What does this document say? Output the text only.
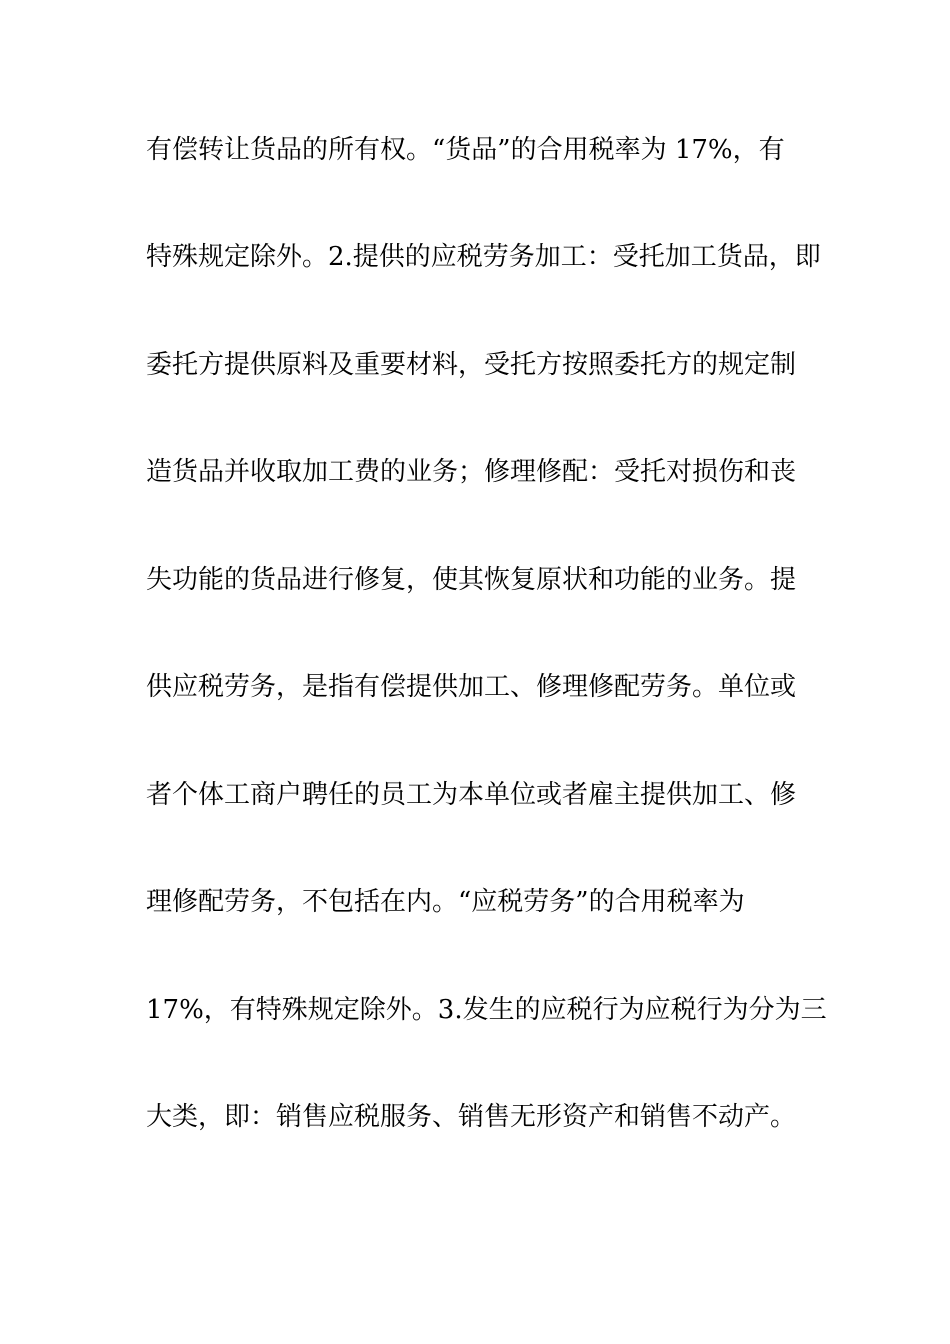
有偿转让货品的所有权。“货品”的合用税率为 17%，有

特殊规定除外。2.提供的应税劳务加工：受托加工货品，即

委托方提供原料及重要材料，受托方按照委托方的规定制

造货品并收取加工费的业务；修理修配：受托对损伤和丧

失功能的货品进行修复，使其恢复原状和功能的业务。提

供应税劳务，是指有偿提供加工、修理修配劳务。单位或

者个体工商户聘任的员工为本单位或者雇主提供加工、修

理修配劳务，不包括在内。“应税劳务”的合用税率为

17%，有特殊规定除外。3.发生的应税行为应税行为分为三

大类，即：销售应税服务、销售无形资产和销售不动产。
